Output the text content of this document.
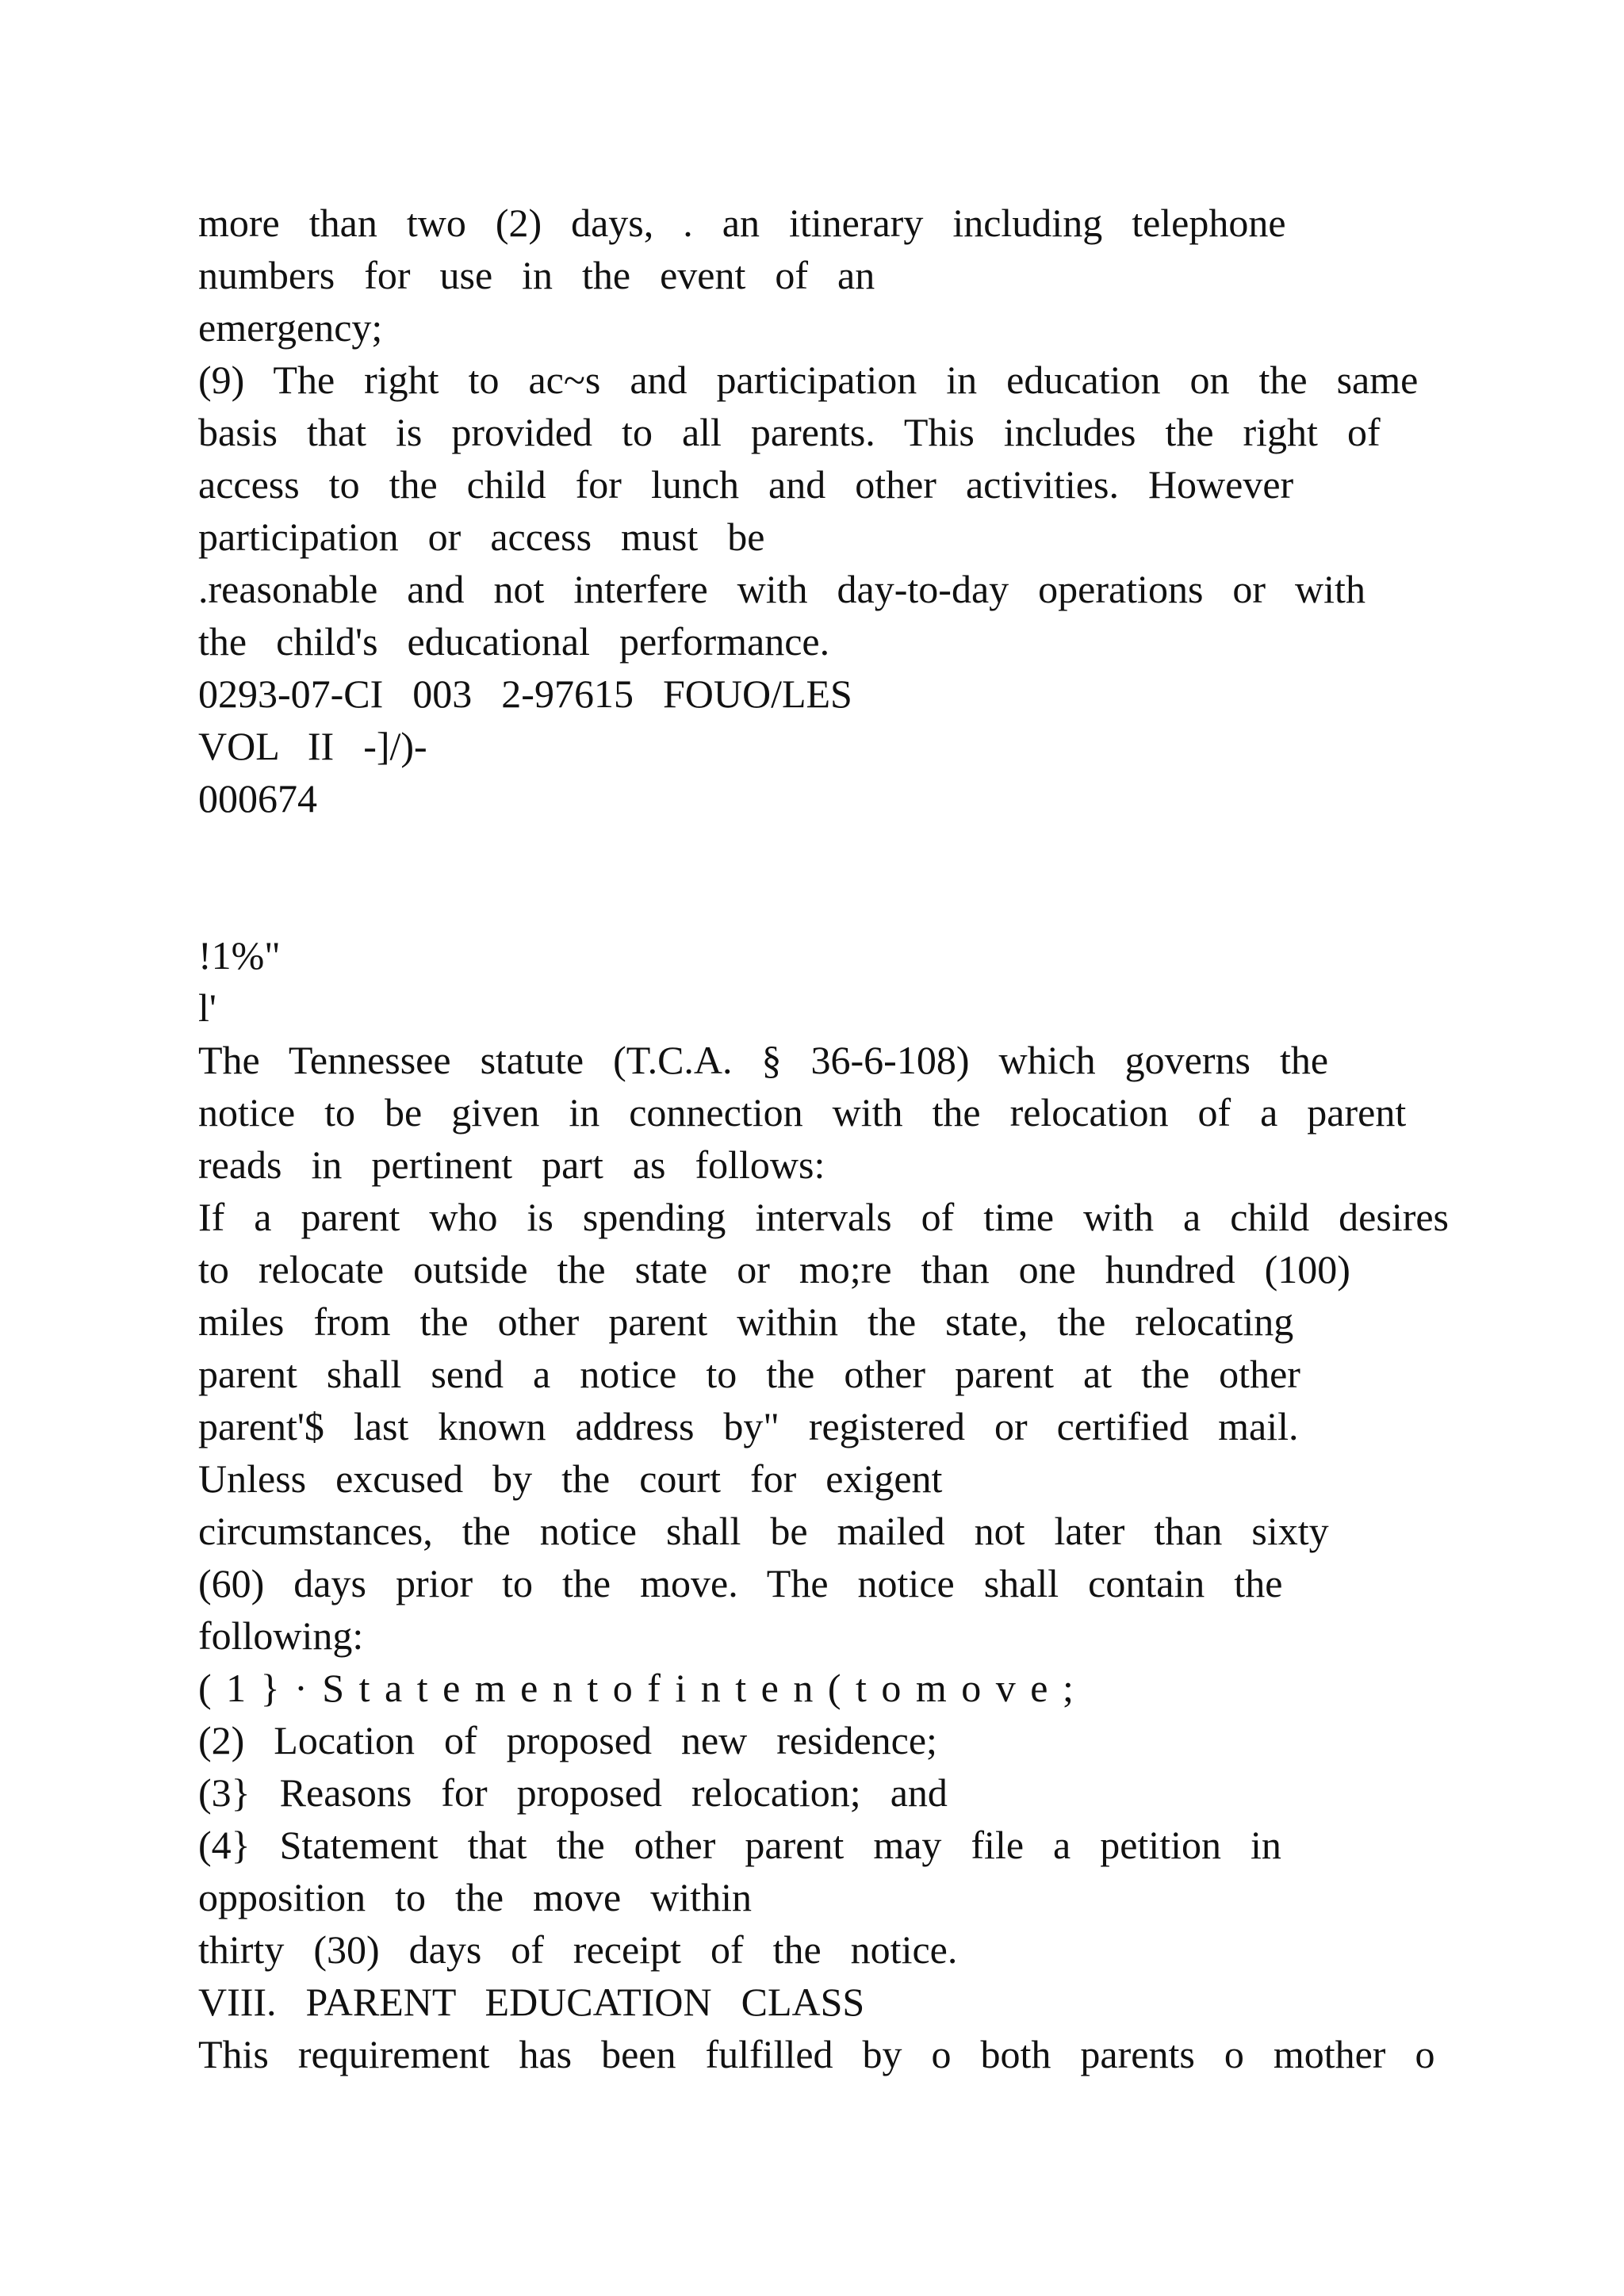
more  than  two  (2)  days,  .  an  itinerary  including  telephone
numbers  for  use  in  the  event  of  an
emergency;
(9)  The  right  to  ac~s  and  participation  in  education  on  the  same
basis  that  is  provided  to  all  parents.  This  includes  the  right  of
access  to  the  child  for  lunch  and  other  activities.  However
participation  or  access  must  be
.reasonable  and  not  interfere  with  day-to-day  operations  or  with
the  child's  educational  performance.
0293-07-CI  003  2-97615  FOUO/LES
VOL  II  -]/)-
000674
!1%"
l'
The  Tennessee  statute  (T.C.A.  §  36-6-108)  which  governs  the
notice  to  be  given  in  connection  with  the  relocation  of  a  parent
reads  in  pertinent  part  as  follows:
If  a  parent  who  is  spending  intervals  of  time  with  a  child  desires
to  relocate  outside  the  state  or  mo;re  than  one  hundred  (100)
miles  from  the  other  parent  within  the  state,  the  relocating
parent  shall  send  a  notice  to  the  other  parent  at  the  other
parent'$  last  known  address  by"  registered  or  certified  mail.
Unless  excused  by  the  court  for  exigent
circumstances,  the  notice  shall  be  mailed  not  later  than  sixty
(60)  days  prior  to  the  move.  The  notice  shall  contain  the
following:
( 1 } · S t a t e m e n t o f i n t e n ( t o m o v e ;
(2)  Location  of  proposed  new  residence;
(3}  Reasons  for  proposed  relocation;  and
(4}  Statement  that  the  other  parent  may  file  a  petition  in
opposition  to  the  move  within
thirty  (30)  days  of  receipt  of  the  notice.
VIII.  PARENT  EDUCATION  CLASS
This  requirement  has  been  fulfilled  by  o  both  parents  o  mother  o
